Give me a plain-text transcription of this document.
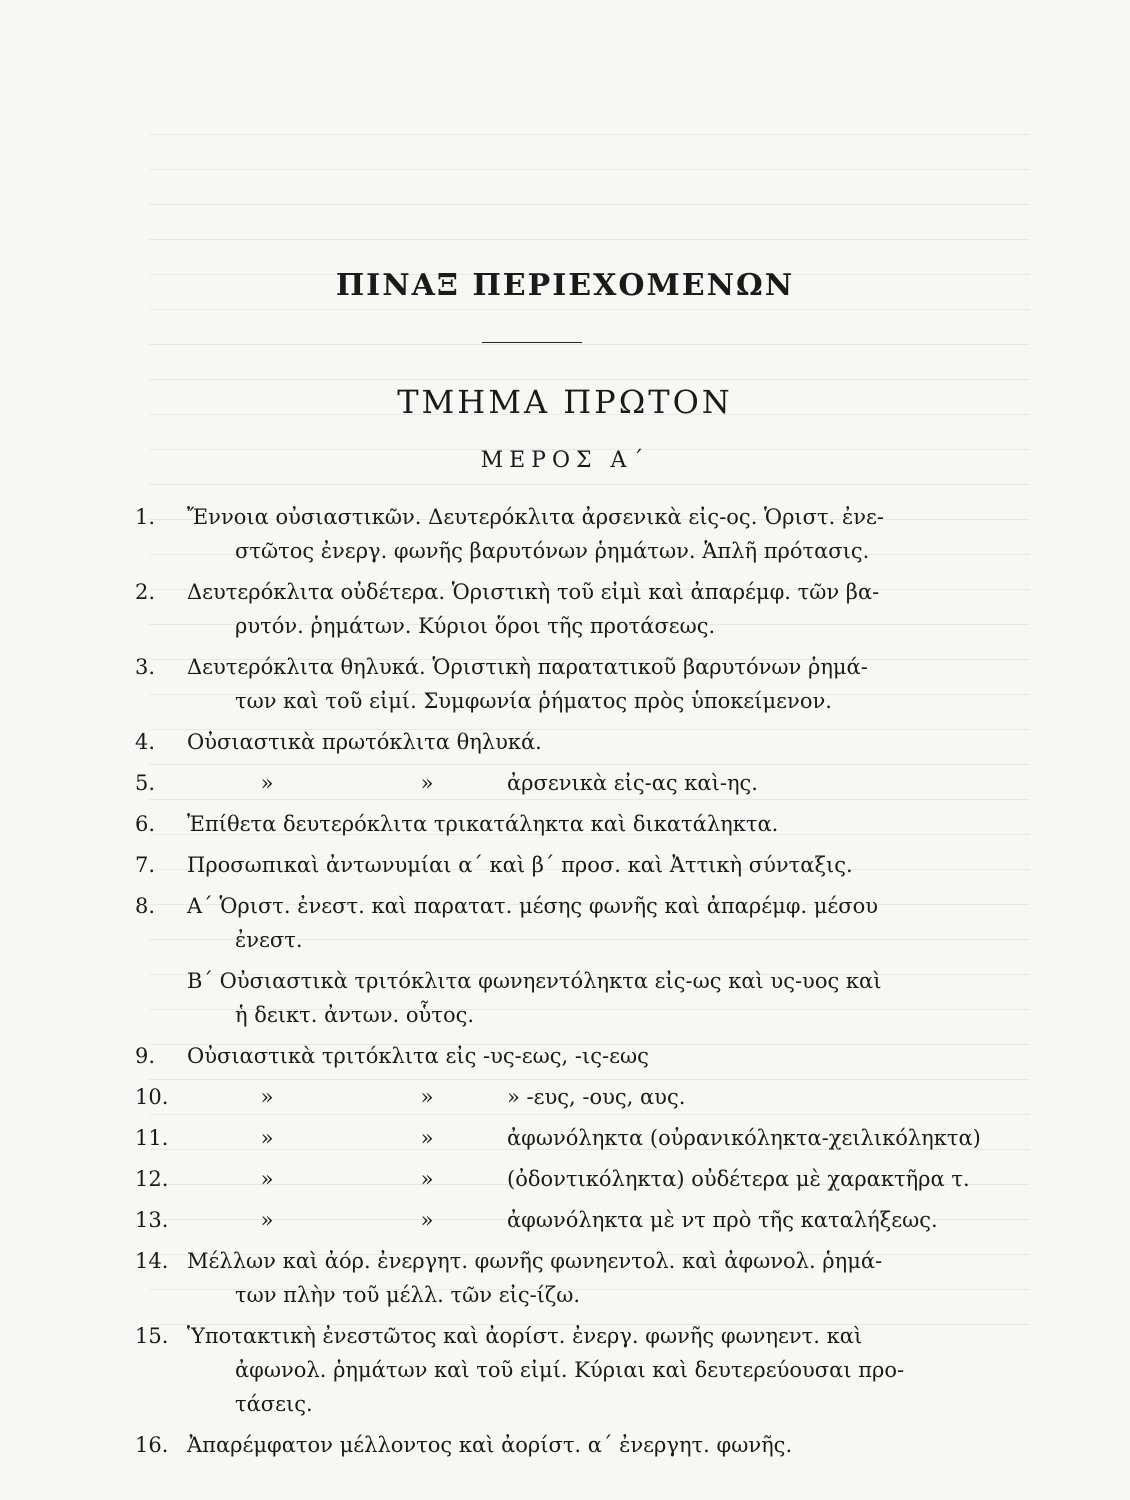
ΠΙΝΑΞ ΠΕΡΙΕΧΟΜΕΝΩΝ
ΤΜΗΜΑ ΠΡΩΤΟΝ
ΜΕΡΟΣ Α΄
1. Ἔννοια οὐσιαστικῶν. Δευτερόκλιτα ἀρσενικὰ εἰς-ος. Ὁριστ. ἐνε-
στῶτος ἐνεργ. φωνῆς βαρυτόνων ῥημάτων. Ἁπλῆ πρότασις.
2. Δευτερόκλιτα οὐδέτερα. Ὁριστικὴ τοῦ εἰμὶ καὶ ἀπαρέμφ. τῶν βα-
ρυτόν. ῥημάτων. Κύριοι ὅροι τῆς προτάσεως.
3. Δευτερόκλιτα θηλυκά. Ὁριστικὴ παρατατικοῦ βαρυτόνων ῥημά-
των καὶ τοῦ εἰμί. Συμφωνία ῥήματος πρὸς ὑποκείμενον.
4. Οὐσιαστικὰ πρωτόκλιτα θηλυκά.
5.	»	»	ἀρσενικὰ εἰς-ας καὶ-ης.
6. Ἐπίθετα δευτερόκλιτα τρικατάληκτα καὶ δικατάληκτα.
7. Προσωπικαὶ ἀντωνυμίαι α΄ καὶ β΄ προσ. καὶ Ἀττικὴ σύνταξις.
8. Α΄ Ὁριστ. ἐνεστ. καὶ παρατατ. μέσης φωνῆς καὶ ἀπαρέμφ. μέσου
ἐνεστ.
Β΄ Οὐσιαστικὰ τριτόκλιτα φωνηεντόληκτα εἰς-ως καὶ υς-υος καὶ
ἡ δεικτ. ἀντων. οὗτος.
9. Οὐσιαστικὰ τριτόκλιτα εἰς -υς-εως, -ις-εως
10.	»	»	» -ευς, -ους, αυς.
11.	»	»	ἀφωνόληκτα (οὐρανικόληκτα-χειλικόληκτα)
12.	»	»	(ὀδοντικόληκτα) οὐδέτερα μὲ χαρακτῆρα τ.
13.	»	»	ἀφωνόληκτα μὲ ντ πρὸ τῆς καταλήξεως.
14. Μέλλων καὶ ἀόρ. ἐνεργητ. φωνῆς φωνηεντολ. καὶ ἀφωνολ. ῥημά-
των πλὴν τοῦ μέλλ. τῶν εἰς-ίζω.
15. Ὑποτακτικὴ ἐνεστῶτος καὶ ἀορίστ. ἐνεργ. φωνῆς φωνηεντ. καὶ
ἀφωνολ. ῥημάτων καὶ τοῦ εἰμί. Κύριαι καὶ δευτερεύουσαι προ-
τάσεις.
16. Ἀπαρέμφατον μέλλοντος καὶ ἀορίστ. α΄ ἐνεργητ. φωνῆς.
